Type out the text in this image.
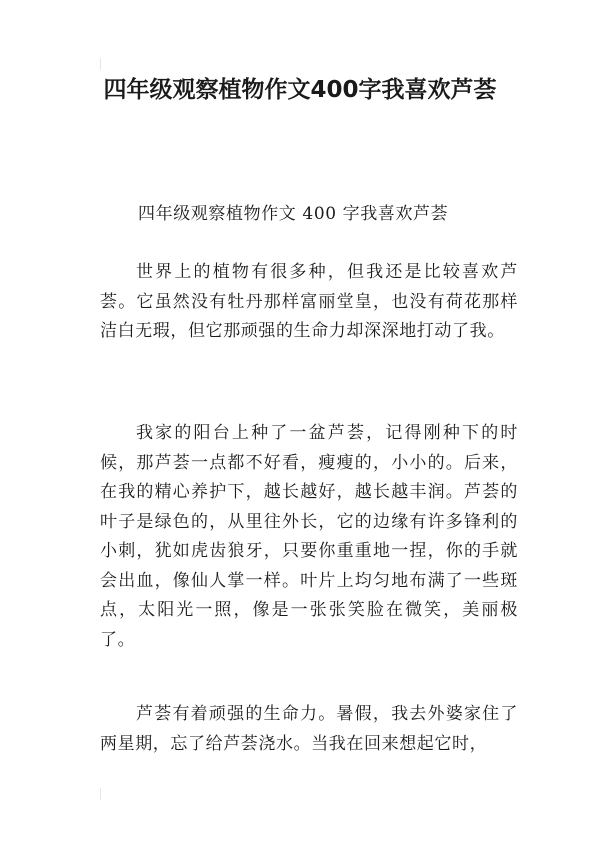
四年级观察植物作文400字我喜欢芦荟

四年级观察植物作文 400 字我喜欢芦荟

世界上的植物有很多种，但我还是比较喜欢芦荟。它虽然没有牡丹那样富丽堂皇，也没有荷花那样洁白无瑕，但它那顽强的生命力却深深地打动了我。

我家的阳台上种了一盆芦荟，记得刚种下的时候，那芦荟一点都不好看，瘦瘦的，小小的。后来，在我的精心养护下，越长越好，越长越丰润。芦荟的叶子是绿色的，从里往外长，它的边缘有许多锋利的小刺，犹如虎齿狼牙，只要你重重地一捏，你的手就会出血，像仙人掌一样。叶片上均匀地布满了一些斑点，太阳光一照，像是一张张笑脸在微笑，美丽极了。

芦荟有着顽强的生命力。暑假，我去外婆家住了两星期，忘了给芦荟浇水。当我在回来想起它时，
